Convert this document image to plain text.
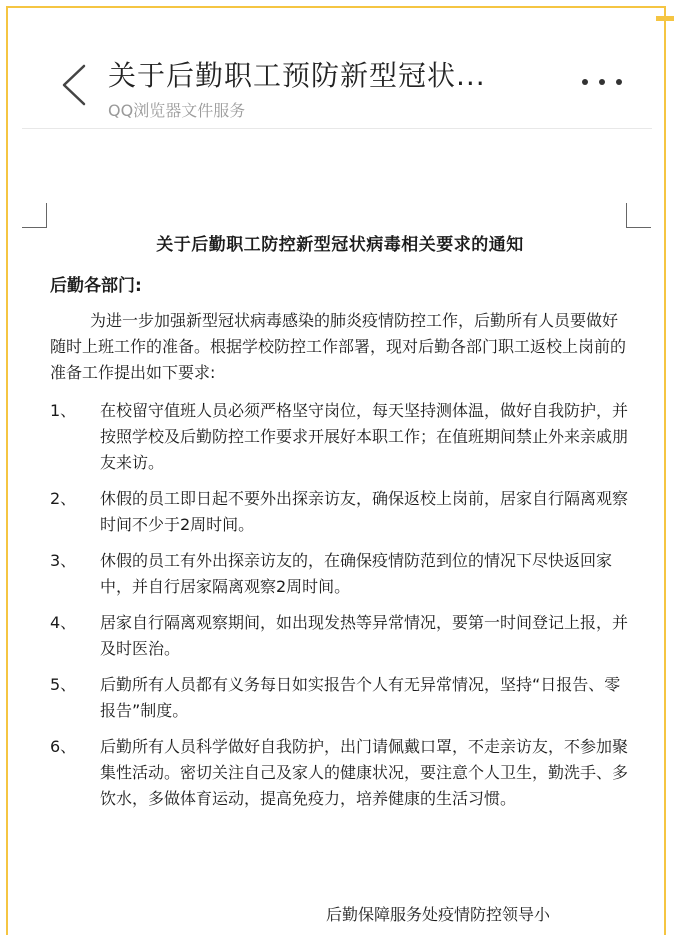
关于后勤职工预防新型冠状...
QQ浏览器文件服务
关于后勤职工防控新型冠状病毒相关要求的通知
后勤各部门:
为进一步加强新型冠状病毒感染的肺炎疫情防控工作，后勤所有人员要做好随时上班工作的准备。根据学校防控工作部署，现对后勤各部门职工返校上岗前的准备工作提出如下要求:
1、	在校留守值班人员必须严格坚守岗位，每天坚持测体温，做好自我防护，并按照学校及后勤防控工作要求开展好本职工作；在值班期间禁止外来亲戚朋友来访。
2、	休假的员工即日起不要外出探亲访友，确保返校上岗前，居家自行隔离观察时间不少于2周时间。
3、	休假的员工有外出探亲访友的，在确保疫情防范到位的情况下尽快返回家中，并自行居家隔离观察2周时间。
4、	居家自行隔离观察期间，如出现发热等异常情况，要第一时间登记上报，并及时医治。
5、	后勤所有人员都有义务每日如实报告个人有无异常情况，坚持“日报告、零报告”制度。
6、	后勤所有人员科学做好自我防护，出门请佩戴口罩，不走亲访友，不参加聚集性活动。密切关注自己及家人的健康状况，要注意个人卫生，勤洗手、多饮水，多做体育运动，提高免疫力，培养健康的生活习惯。
后勤保障服务处疫情防控领导小
